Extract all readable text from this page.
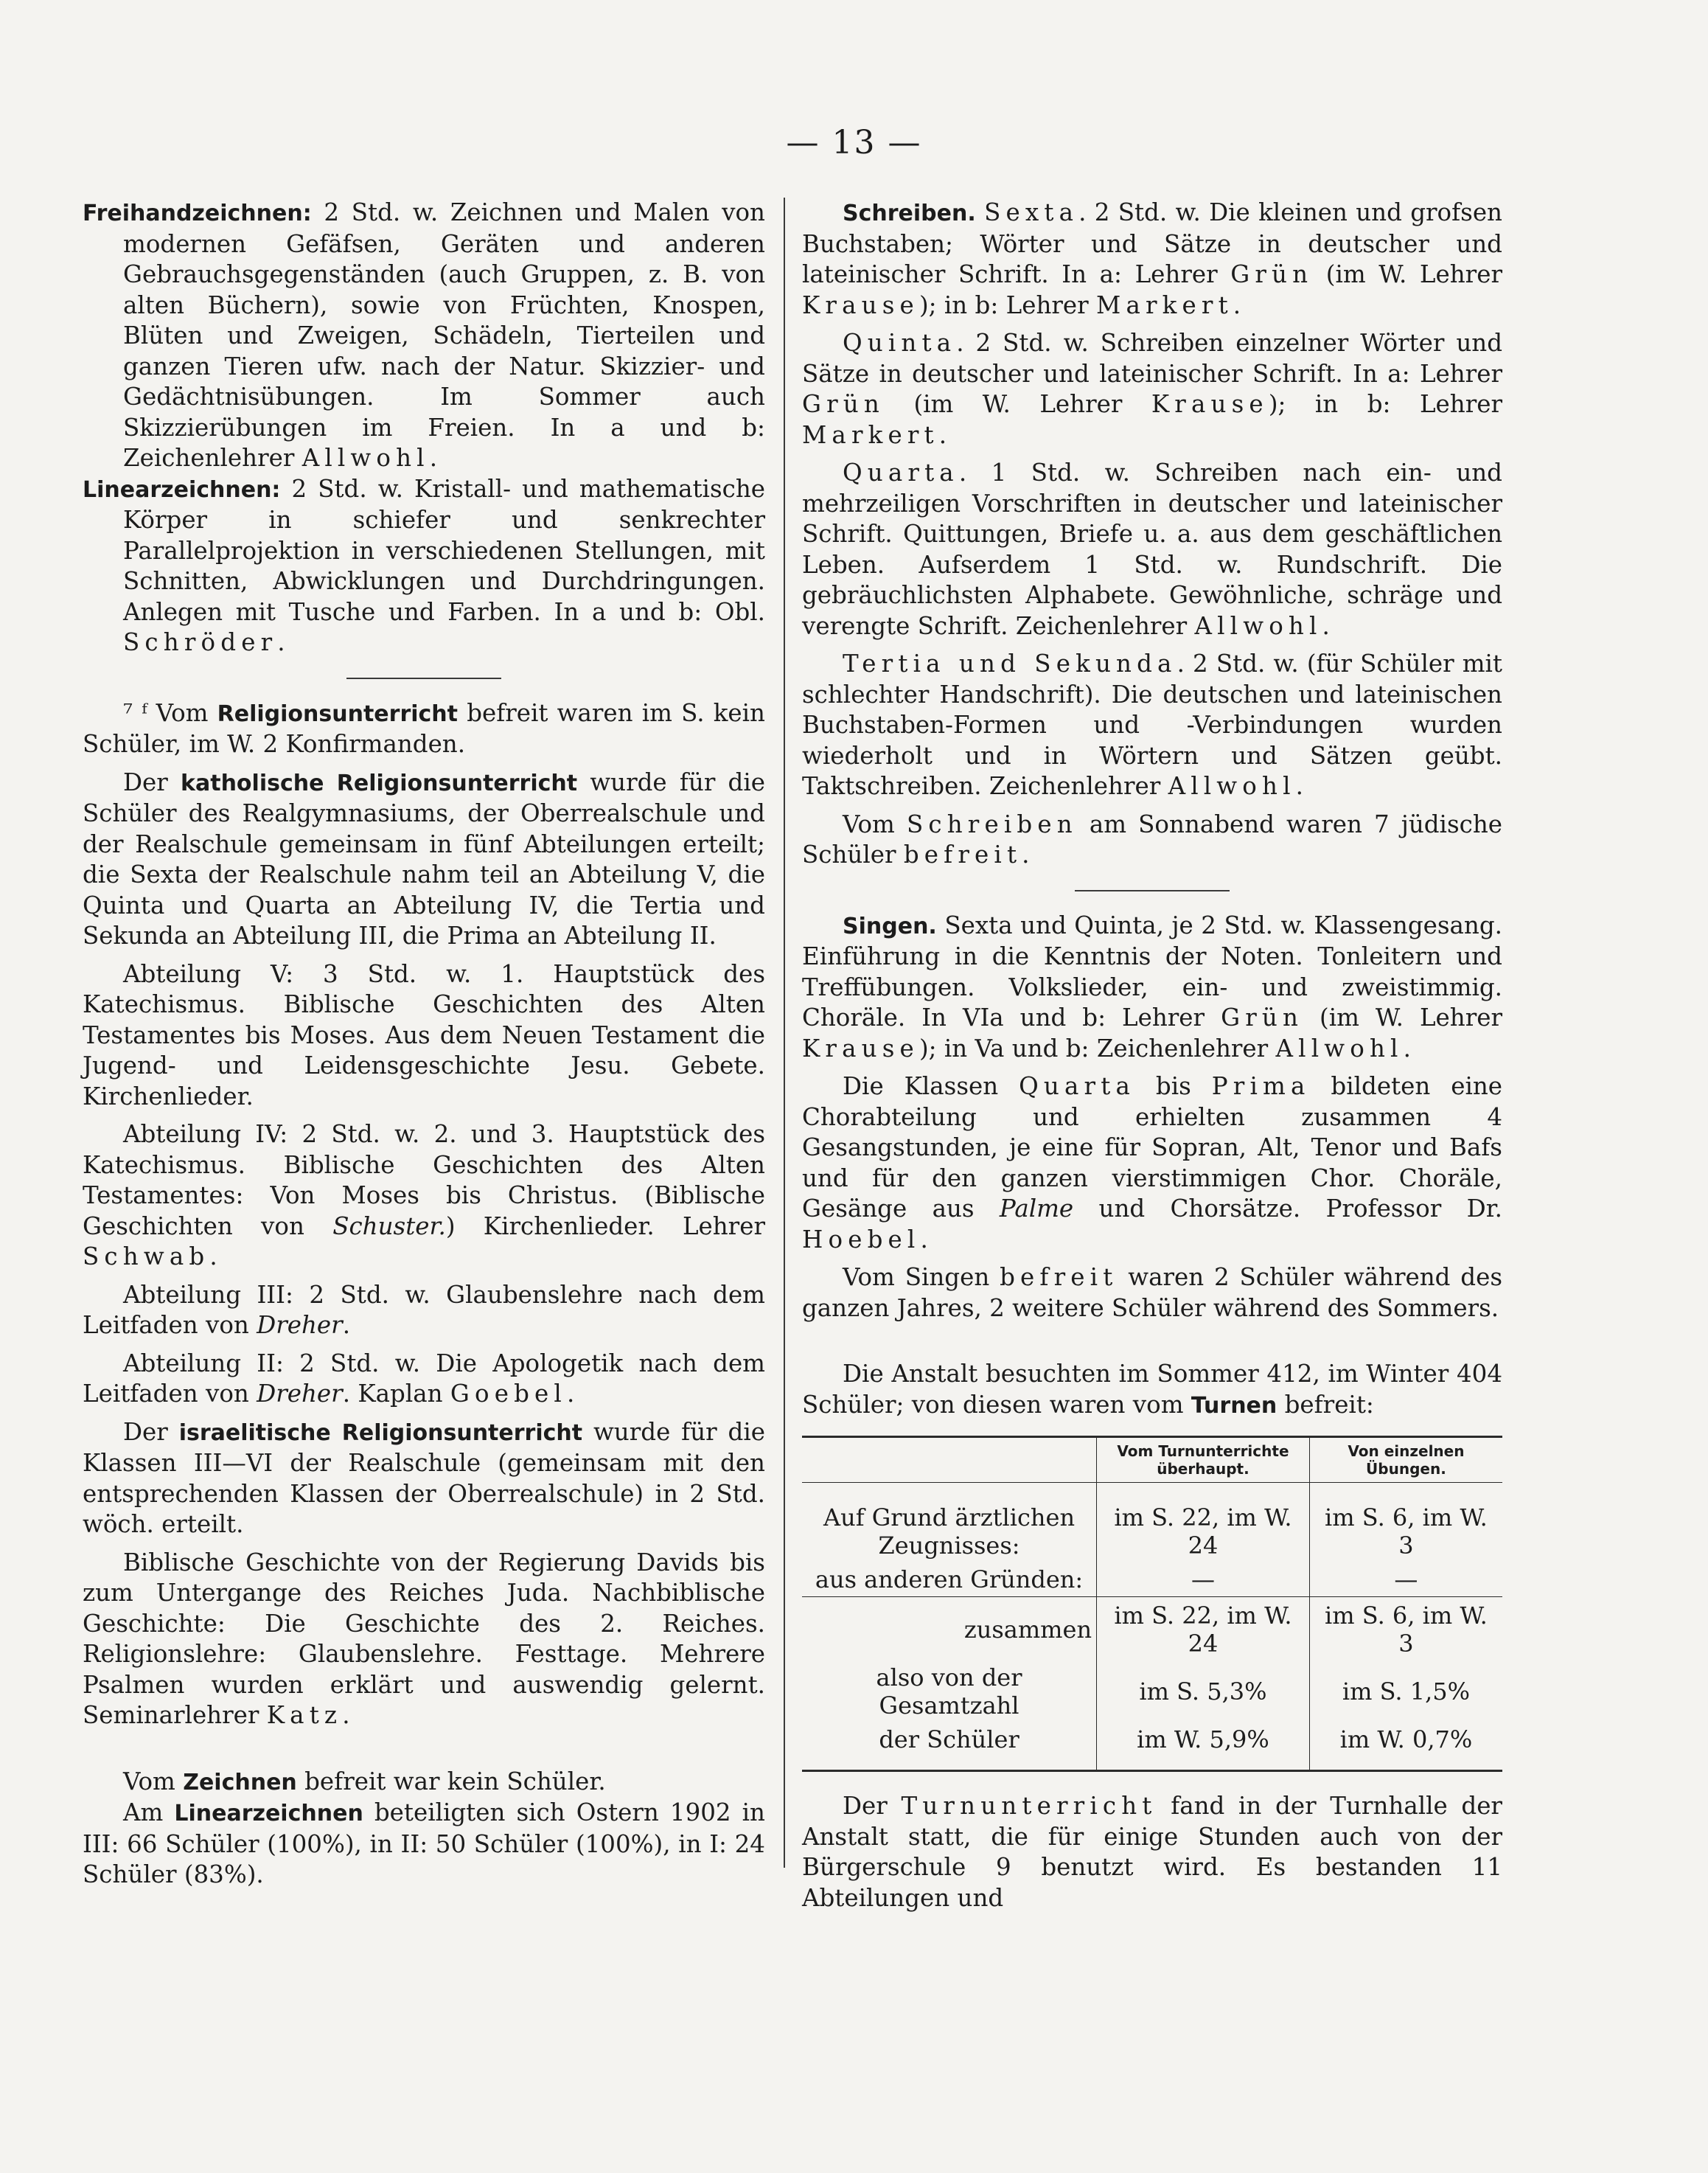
— 13 —

Freihandzeichnen: 2 Std. w. Zeichnen und Malen von modernen Gefäfsen, Geräten und anderen Gebrauchsgegenständen (auch Gruppen, z. B. von alten Büchern), sowie von Früchten, Knospen, Blüten und Zweigen, Schädeln, Tierteilen und ganzen Tieren ufw. nach der Natur. Skizzier- und Gedächtnisübungen. Im Sommer auch Skizzierübungen im Freien. In a und b: Zeichenlehrer Allwohl.

Linearzeichnen: 2 Std. w. Kristall- und mathematische Körper in schiefer und senkrechter Parallelprojektion in verschiedenen Stellungen, mit Schnitten, Abwicklungen und Durchdringungen. Anlegen mit Tusche und Farben. In a und b: Obl. Schröder.

⁷ ᶠ Vom Religionsunterricht befreit waren im S. kein Schüler, im W. 2 Konfirmanden.

Der katholische Religionsunterricht wurde für die Schüler des Realgymnasiums, der Oberrealschule und der Realschule gemeinsam in fünf Abteilungen erteilt; die Sexta der Realschule nahm teil an Abteilung V, die Quinta und Quarta an Abteilung IV, die Tertia und Sekunda an Abteilung III, die Prima an Abteilung II.

Abteilung V: 3 Std. w. 1. Hauptstück des Katechismus. Biblische Geschichten des Alten Testamentes bis Moses. Aus dem Neuen Testament die Jugend- und Leidensgeschichte Jesu. Gebete. Kirchenlieder.

Abteilung IV: 2 Std. w. 2. und 3. Hauptstück des Katechismus. Biblische Geschichten des Alten Testamentes: Von Moses bis Christus. (Biblische Geschichten von Schuster.) Kirchenlieder. Lehrer Schwab.

Abteilung III: 2 Std. w. Glaubenslehre nach dem Leitfaden von Dreher.

Abteilung II: 2 Std. w. Die Apologetik nach dem Leitfaden von Dreher. Kaplan Goebel.

Der israelitische Religionsunterricht wurde für die Klassen III—VI der Realschule (gemeinsam mit den entsprechenden Klassen der Oberrealschule) in 2 Std. wöch. erteilt.

Biblische Geschichte von der Regierung Davids bis zum Untergange des Reiches Juda. Nachbiblische Geschichte: Die Geschichte des 2. Reiches. Religionslehre: Glaubenslehre. Festtage. Mehrere Psalmen wurden erklärt und auswendig gelernt. Seminarlehrer Katz.

Vom Zeichnen befreit war kein Schüler.

Am Linearzeichnen beteiligten sich Ostern 1902 in III: 66 Schüler (100%), in II: 50 Schüler (100%), in I: 24 Schüler (83%).

Schreiben. Sexta. 2 Std. w. Die kleinen und grofsen Buchstaben; Wörter und Sätze in deutscher und lateinischer Schrift. In a: Lehrer Grün (im W. Lehrer Krause); in b: Lehrer Markert.

Quinta. 2 Std. w. Schreiben einzelner Wörter und Sätze in deutscher und lateinischer Schrift. In a: Lehrer Grün (im W. Lehrer Krause); in b: Lehrer Markert.

Quarta. 1 Std. w. Schreiben nach ein- und mehrzeiligen Vorschriften in deutscher und lateinischer Schrift. Quittungen, Briefe u. a. aus dem geschäftlichen Leben. Aufserdem 1 Std. w. Rundschrift. Die gebräuchlichsten Alphabete. Gewöhnliche, schräge und verengte Schrift. Zeichenlehrer Allwohl.

Tertia und Sekunda. 2 Std. w. (für Schüler mit schlechter Handschrift). Die deutschen und lateinischen Buchstaben-Formen und -Verbindungen wurden wiederholt und in Wörtern und Sätzen geübt. Taktschreiben. Zeichenlehrer Allwohl.

Vom Schreiben am Sonnabend waren 7 jüdische Schüler befreit.

Singen. Sexta und Quinta, je 2 Std. w. Klassengesang. Einführung in die Kenntnis der Noten. Tonleitern und Treffübungen. Volkslieder, ein- und zweistimmig. Choräle. In VIa und b: Lehrer Grün (im W. Lehrer Krause); in Va und b: Zeichenlehrer Allwohl.

Die Klassen Quarta bis Prima bildeten eine Chorabteilung und erhielten zusammen 4 Gesangstunden, je eine für Sopran, Alt, Tenor und Bafs und für den ganzen vierstimmigen Chor. Choräle, Gesänge aus Palme und Chorsätze. Professor Dr. Hoebel.

Vom Singen befreit waren 2 Schüler während des ganzen Jahres, 2 weitere Schüler während des Sommers.

Die Anstalt besuchten im Sommer 412, im Winter 404 Schüler; von diesen waren vom Turnen befreit:

	Vom Turnunterrichte überhaupt.	Von einzelnen Übungen.
Auf Grund ärztlichen Zeugnisses:	im S. 22, im W. 24	im S. 6, im W. 3
aus anderen Gründen:	—	—
zusammen	im S. 22, im W. 24	im S. 6, im W. 3
also von der Gesamtzahl	im S. 5,3%	im S. 1,5%
der Schüler	im W. 5,9%	im W. 0,7%

Der Turnunterricht fand in der Turnhalle der Anstalt statt, die für einige Stunden auch von der Bürgerschule 9 benutzt wird. Es bestanden 11 Abteilungen und
